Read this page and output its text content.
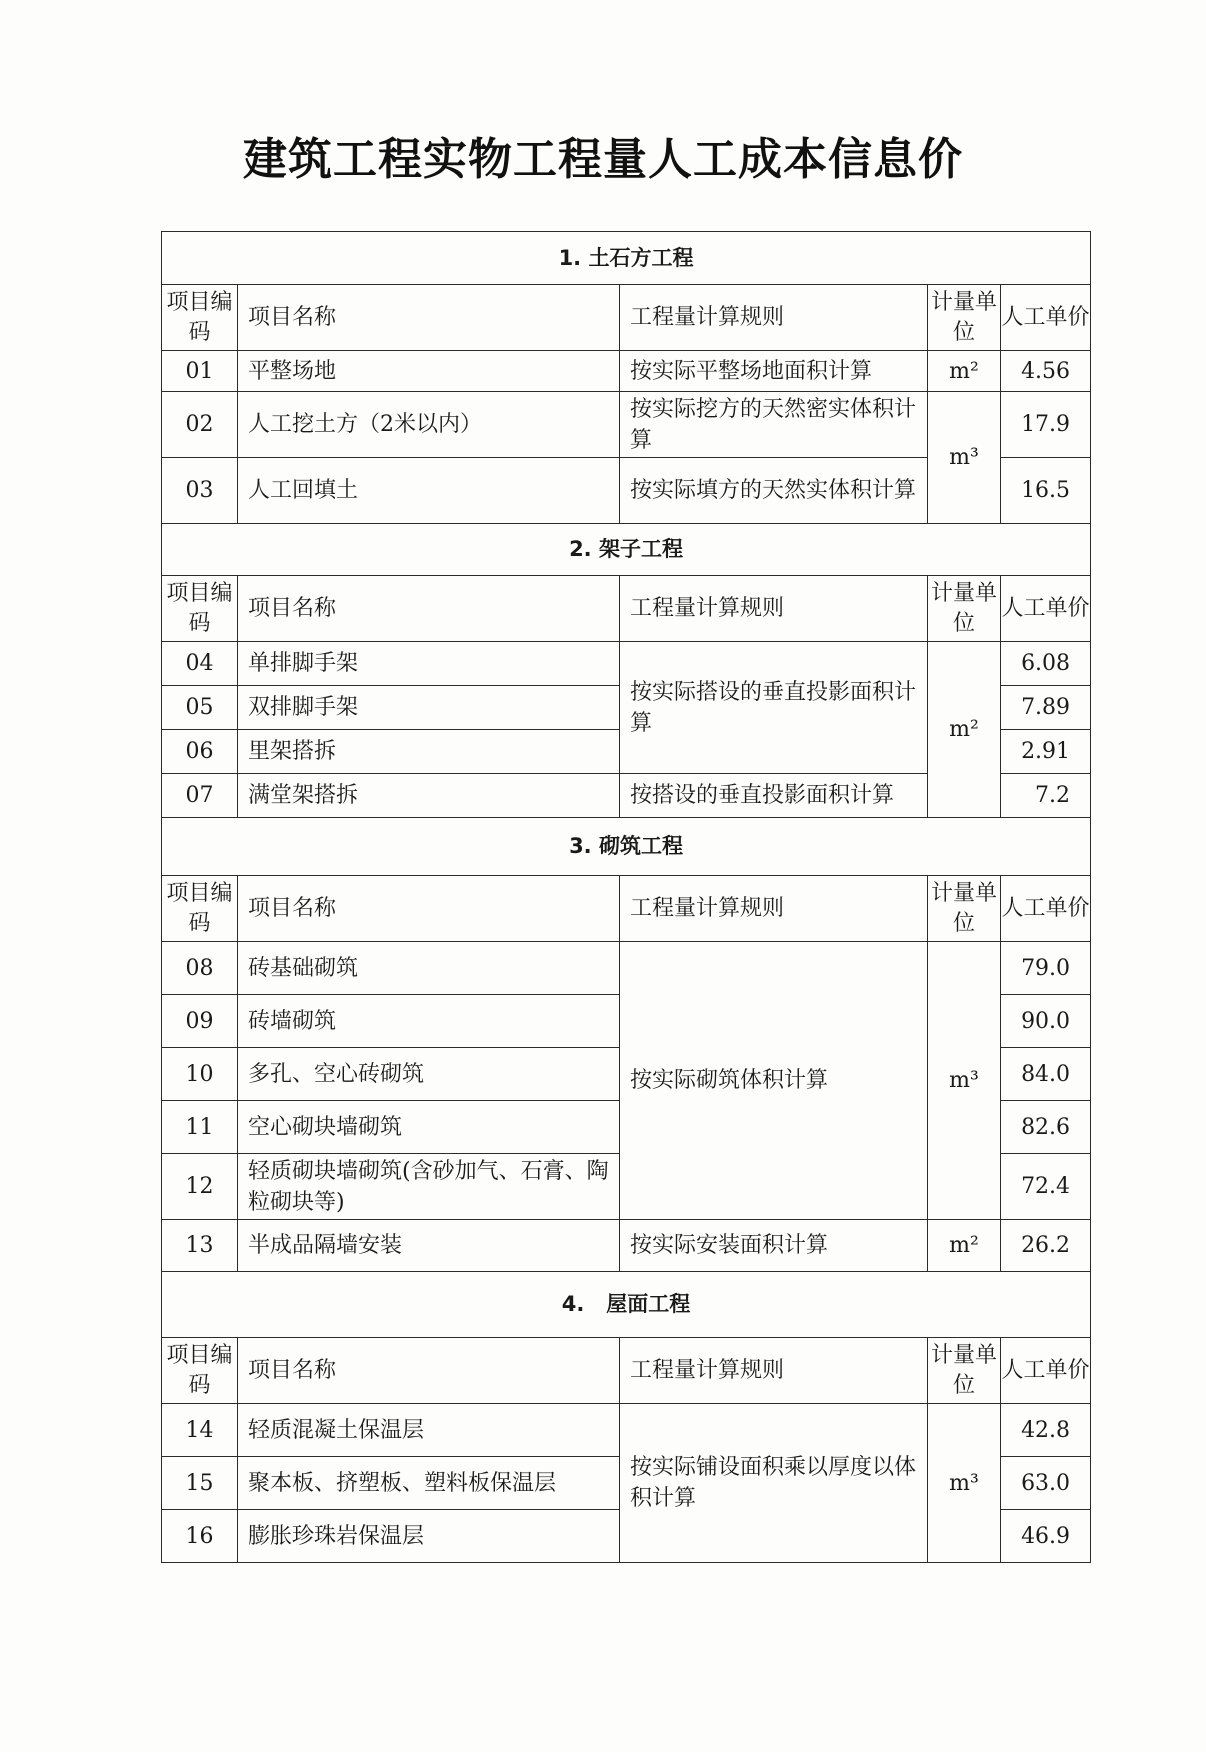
建筑工程实物工程量人工成本信息价
1. 土石方工程				
项目编码	项目名称	工程量计算规则	计量单位	人工单价
01	平整场地	按实际平整场地面积计算	m²	4.56
02	人工挖土方（2米以内）	按实际挖方的天然密实体积计算	m³	17.9
03	人工回填土	按实际填方的天然实体积计算		16.5
2. 架子工程				
项目编码	项目名称	工程量计算规则	计量单位	人工单价
04	单排脚手架	按实际搭设的垂直投影面积计算	m²	6.08
05	双排脚手架			7.89
06	里架搭拆			2.91
07	满堂架搭拆	按搭设的垂直投影面积计算		7.2
3. 砌筑工程				
项目编码	项目名称	工程量计算规则	计量单位	人工单价
08	砖基础砌筑	按实际砌筑体积计算	m³	79.0
09	砖墙砌筑			90.0
10	多孔、空心砖砌筑			84.0
11	空心砌块墙砌筑			82.6
12	轻质砌块墙砌筑(含砂加气、石膏、陶粒砌块等)			72.4
13	半成品隔墙安装	按实际安装面积计算	m²	26.2
4.   屋面工程				
项目编码	项目名称	工程量计算规则	计量单位	人工单价
14	轻质混凝土保温层	按实际铺设面积乘以厚度以体积计算	m³	42.8
15	聚本板、挤塑板、塑料板保温层			63.0
16	膨胀珍珠岩保温层			46.9
